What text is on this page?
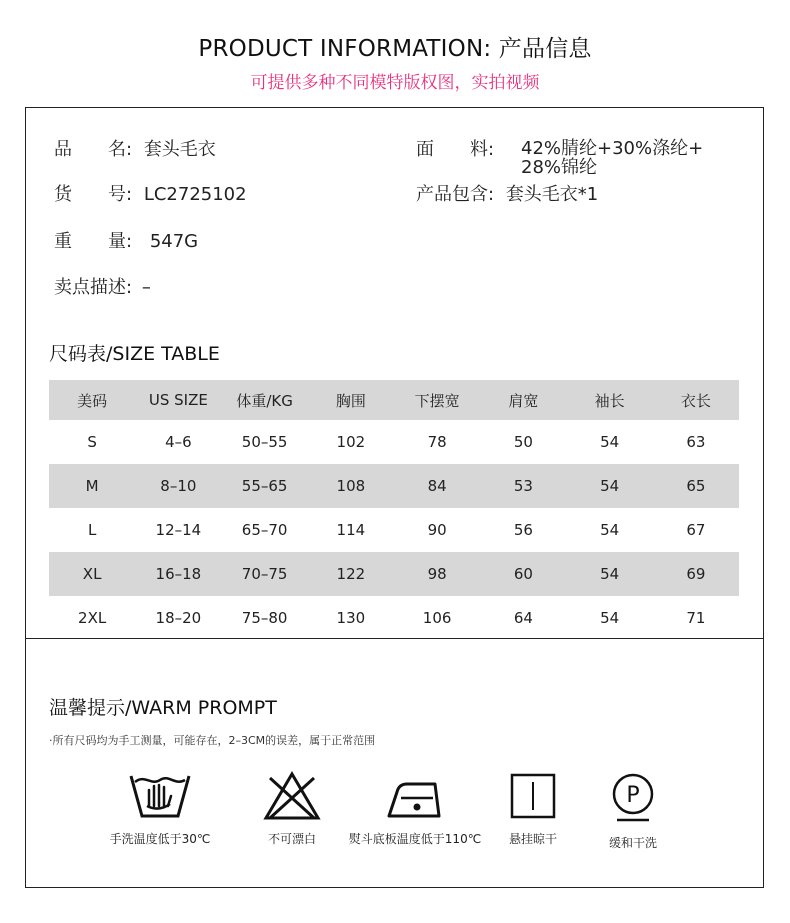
PRODUCT INFORMATION: 产品信息
可提供多种不同模特版权图，实拍视频
品　　名: 套头毛衣
货　　号: LC2725102
重　　量: 547G
卖点描述: –
面　　料: 42%腈纶+30%涤纶+
28%锦纶
产品包含: 套头毛衣*1
尺码表/SIZE TABLE
美码	US SIZE	体重/KG	胸围	下摆宽	肩宽	袖长	衣长
S	4–6	50–55	102	78	50	54	63
M	8–10	55–65	108	84	53	54	65
L	12–14	65–70	114	90	56	54	67
XL	16–18	70–75	122	98	60	54	69
2XL	18–20	75–80	130	106	64	54	71
温馨提示/WARM PROMPT
·所有尺码均为手工测量，可能存在，2–3CM的误差，属于正常范围
手洗温度低于30℃	不可漂白	熨斗底板温度低于110℃	悬挂晾干
P
缓和干洗
